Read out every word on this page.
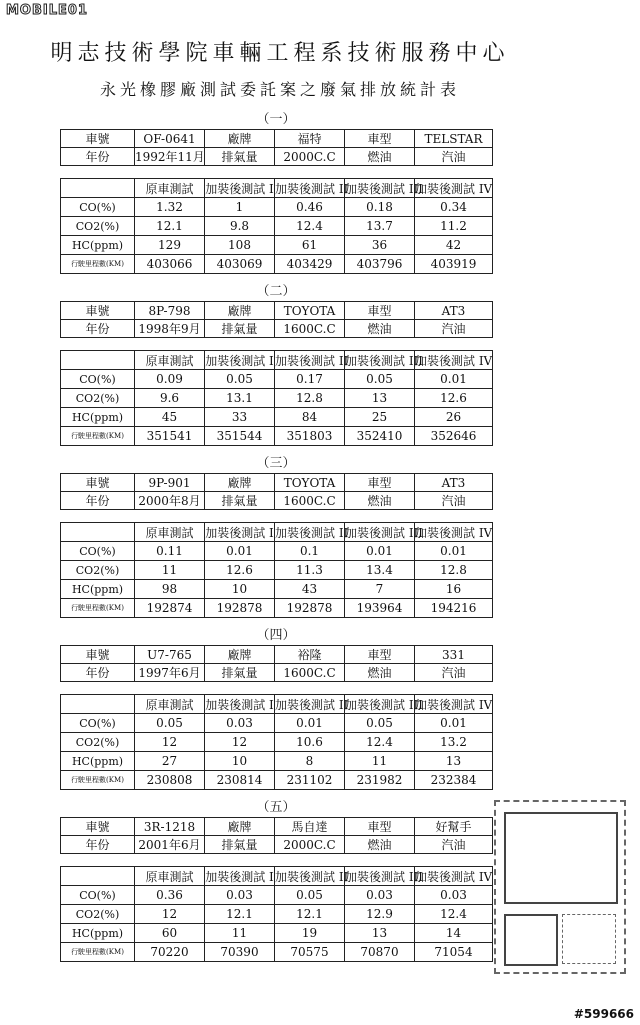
MOBILE01
明志技術學院車輛工程系技術服務中心
永光橡膠廠測試委託案之廢氣排放統計表
（一）
車號	OF-0641	廠牌	福特	車型	TELSTAR
年份	1992年11月	排氣量	2000C.C	燃油	汽油
	原車測試	加裝後測試 I	加裝後測試 II	加裝後測試 III	加裝後測試 IV
CO(%)	1.32	1	0.46	0.18	0.34
CO2(%)	12.1	9.8	12.4	13.7	11.2
HC(ppm)	129	108	61	36	42
行駛里程數(KM)	403066	403069	403429	403796	403919
（二）
車號	8P-798	廠牌	TOYOTA	車型	AT3
年份	1998年9月	排氣量	1600C.C	燃油	汽油
	原車測試	加裝後測試 I	加裝後測試 II	加裝後測試 III	加裝後測試 IV
CO(%)	0.09	0.05	0.17	0.05	0.01
CO2(%)	9.6	13.1	12.8	13	12.6
HC(ppm)	45	33	84	25	26
行駛里程數(KM)	351541	351544	351803	352410	352646
（三）
車號	9P-901	廠牌	TOYOTA	車型	AT3
年份	2000年8月	排氣量	1600C.C	燃油	汽油
	原車測試	加裝後測試 I	加裝後測試 II	加裝後測試 III	加裝後測試 IV
CO(%)	0.11	0.01	0.1	0.01	0.01
CO2(%)	11	12.6	11.3	13.4	12.8
HC(ppm)	98	10	43	7	16
行駛里程數(KM)	192874	192878	192878	193964	194216
（四）
車號	U7-765	廠牌	裕隆	車型	331
年份	1997年6月	排氣量	1600C.C	燃油	汽油
	原車測試	加裝後測試 I	加裝後測試 II	加裝後測試 III	加裝後測試 IV
CO(%)	0.05	0.03	0.01	0.05	0.01
CO2(%)	12	12	10.6	12.4	13.2
HC(ppm)	27	10	8	11	13
行駛里程數(KM)	230808	230814	231102	231982	232384
（五）
車號	3R-1218	廠牌	馬自達	車型	好幫手
年份	2001年6月	排氣量	2000C.C	燃油	汽油
	原車測試	加裝後測試 I	加裝後測試 II	加裝後測試 III	加裝後測試 IV
CO(%)	0.36	0.03	0.05	0.03	0.03
CO2(%)	12	12.1	12.1	12.9	12.4
HC(ppm)	60	11	19	13	14
行駛里程數(KM)	70220	70390	70575	70870	71054
#599666
